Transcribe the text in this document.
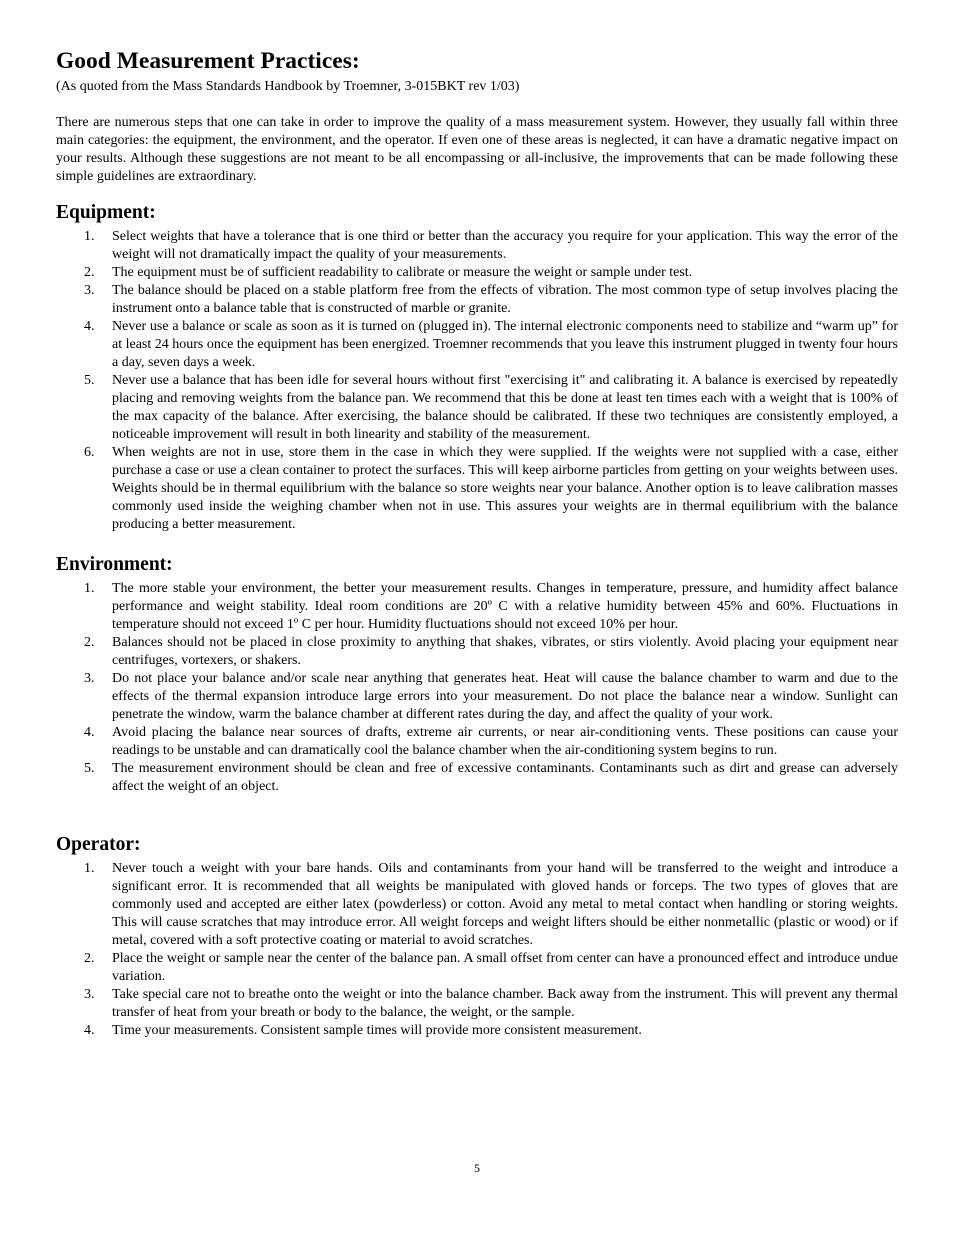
Good Measurement Practices:
(As quoted from the Mass Standards Handbook by Troemner, 3-015BKT rev 1/03)

There are numerous steps that one can take in order to improve the quality of a mass measurement system. However, they usually fall within three main categories: the equipment, the environment, and the operator. If even one of these areas is neglected, it can have a dramatic negative impact on your results. Although these suggestions are not meant to be all encompassing or all-inclusive, the improvements that can be made following these simple guidelines are extraordinary.

Equipment:
1. Select weights that have a tolerance that is one third or better than the accuracy you require for your application. This way the error of the weight will not dramatically impact the quality of your measurements.
2. The equipment must be of sufficient readability to calibrate or measure the weight or sample under test.
3. The balance should be placed on a stable platform free from the effects of vibration. The most common type of setup involves placing the instrument onto a balance table that is constructed of marble or granite.
4. Never use a balance or scale as soon as it is turned on (plugged in). The internal electronic components need to stabilize and “warm up” for at least 24 hours once the equipment has been energized. Troemner recommends that you leave this instrument plugged in twenty four hours a day, seven days a week.
5. Never use a balance that has been idle for several hours without first "exercising it" and calibrating it. A balance is exercised by repeatedly placing and removing weights from the balance pan. We recommend that this be done at least ten times each with a weight that is 100% of the max capacity of the balance. After exercising, the balance should be calibrated. If these two techniques are consistently employed, a noticeable improvement will result in both linearity and stability of the measurement.
6. When weights are not in use, store them in the case in which they were supplied. If the weights were not supplied with a case, either purchase a case or use a clean container to protect the surfaces. This will keep airborne particles from getting on your weights between uses. Weights should be in thermal equilibrium with the balance so store weights near your balance. Another option is to leave calibration masses commonly used inside the weighing chamber when not in use. This assures your weights are in thermal equilibrium with the balance producing a better measurement.
Environment:
1. The more stable your environment, the better your measurement results. Changes in temperature, pressure, and humidity affect balance performance and weight stability. Ideal room conditions are 20º C with a relative humidity between 45% and 60%. Fluctuations in temperature should not exceed 1º C per hour. Humidity fluctuations should not exceed 10% per hour.
2. Balances should not be placed in close proximity to anything that shakes, vibrates, or stirs violently. Avoid placing your equipment near centrifuges, vortexers, or shakers.
3. Do not place your balance and/or scale near anything that generates heat. Heat will cause the balance chamber to warm and due to the effects of the thermal expansion introduce large errors into your measurement. Do not place the balance near a window. Sunlight can penetrate the window, warm the balance chamber at different rates during the day, and affect the quality of your work.
4. Avoid placing the balance near sources of drafts, extreme air currents, or near air-conditioning vents. These positions can cause your readings to be unstable and can dramatically cool the balance chamber when the air-conditioning system begins to run.
5. The measurement environment should be clean and free of excessive contaminants. Contaminants such as dirt and grease can adversely affect the weight of an object.
Operator:
1. Never touch a weight with your bare hands. Oils and contaminants from your hand will be transferred to the weight and introduce a significant error. It is recommended that all weights be manipulated with gloved hands or forceps. The two types of gloves that are commonly used and accepted are either latex (powderless) or cotton. Avoid any metal to metal contact when handling or storing weights. This will cause scratches that may introduce error. All weight forceps and weight lifters should be either nonmetallic (plastic or wood) or if metal, covered with a soft protective coating or material to avoid scratches.
2. Place the weight or sample near the center of the balance pan. A small offset from center can have a pronounced effect and introduce undue variation.
3. Take special care not to breathe onto the weight or into the balance chamber. Back away from the instrument. This will prevent any thermal transfer of heat from your breath or body to the balance, the weight, or the sample.
4. Time your measurements. Consistent sample times will provide more consistent measurement.
5
